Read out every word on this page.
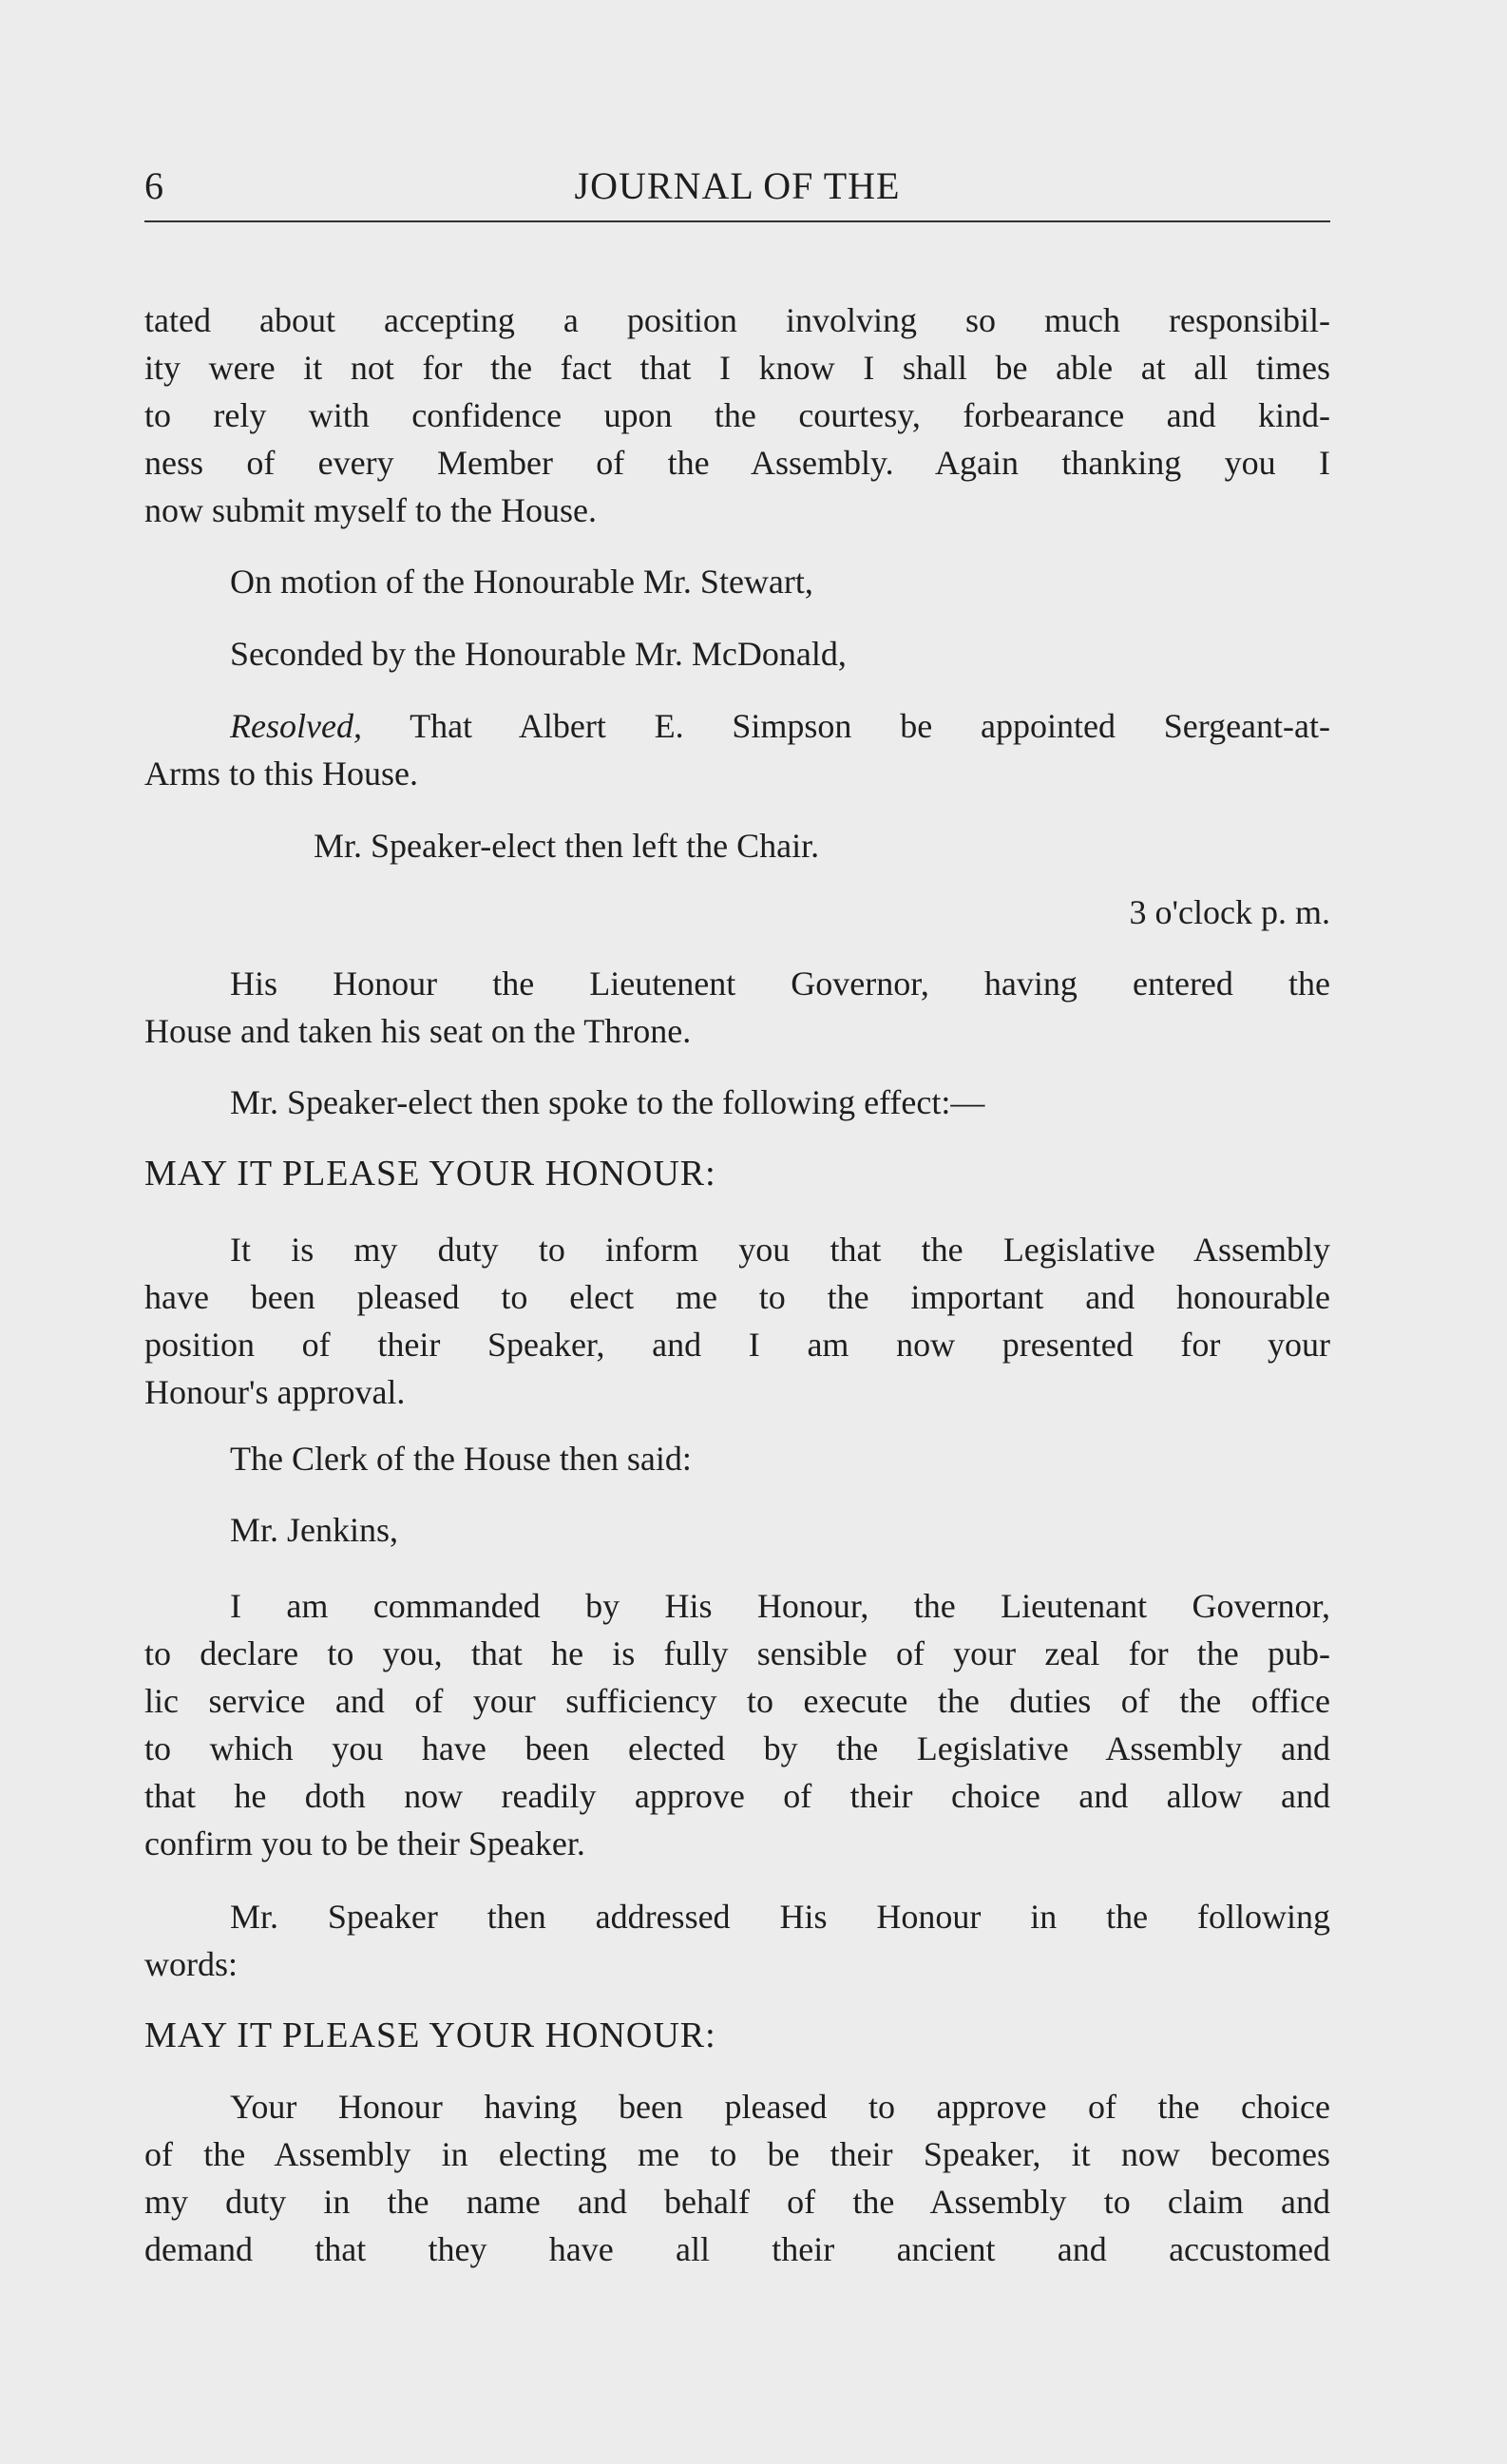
6	JOURNAL OF THE
tated about accepting a position involving so much responsibil-
ity were it not for the fact that I know I shall be able at all times
to rely with confidence upon the courtesy, forbearance and kind-
ness of every Member of the Assembly. Again thanking you I
now submit myself to the House.
On motion of the Honourable Mr. Stewart,
Seconded by the Honourable Mr. McDonald,
Resolved, That Albert E. Simpson be appointed Sergeant-at-
Arms to this House.
Mr. Speaker-elect then left the Chair.
3 o'clock p. m.
His Honour the Lieutenent Governor, having entered the
House and taken his seat on the Throne.
Mr. Speaker-elect then spoke to the following effect:—
MAY IT PLEASE YOUR HONOUR:
It is my duty to inform you that the Legislative Assembly
have been pleased to elect me to the important and honourable
position of their Speaker, and I am now presented for your
Honour's approval.
The Clerk of the House then said:
Mr. Jenkins,
I am commanded by His Honour, the Lieutenant Governor,
to declare to you, that he is fully sensible of your zeal for the pub-
lic service and of your sufficiency to execute the duties of the office
to which you have been elected by the Legislative Assembly and
that he doth now readily approve of their choice and allow and
confirm you to be their Speaker.
Mr. Speaker then addressed His Honour in the following
words:
MAY IT PLEASE YOUR HONOUR:
Your Honour having been pleased to approve of the choice
of the Assembly in electing me to be their Speaker, it now becomes
my duty in the name and behalf of the Assembly to claim and
demand that they have all their ancient and accustomed
